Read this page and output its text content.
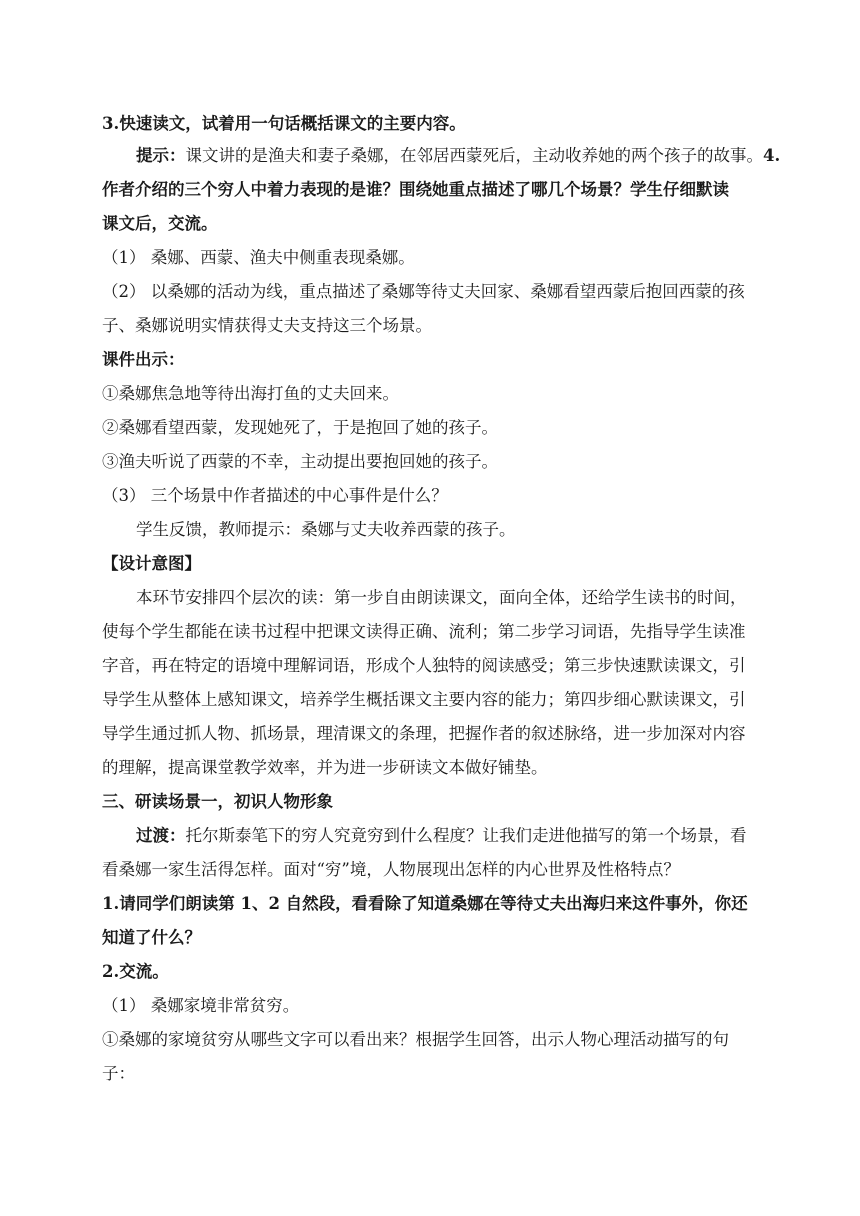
3.快速读文，试着用一句话概括课文的主要内容。
提示：课文讲的是渔夫和妻子桑娜，在邻居西蒙死后，主动收养她的两个孩子的故事。4.
作者介绍的三个穷人中着力表现的是谁？围绕她重点描述了哪几个场景？学生仔细默读
课文后，交流。
（1） 桑娜、西蒙、渔夫中侧重表现桑娜。
（2） 以桑娜的活动为线，重点描述了桑娜等待丈夫回家、桑娜看望西蒙后抱回西蒙的孩
子、桑娜说明实情获得丈夫支持这三个场景。
课件出示：
①桑娜焦急地等待出海打鱼的丈夫回来。
②桑娜看望西蒙，发现她死了，于是抱回了她的孩子。
③渔夫听说了西蒙的不幸，主动提出要抱回她的孩子。
（3） 三个场景中作者描述的中心事件是什么？
学生反馈，教师提示：桑娜与丈夫收养西蒙的孩子。
【设计意图】
本环节安排四个层次的读：第一步自由朗读课文，面向全体，还给学生读书的时间，
使每个学生都能在读书过程中把课文读得正确、流利；第二步学习词语，先指导学生读准
字音，再在特定的语境中理解词语，形成个人独特的阅读感受；第三步快速默读课文，引
导学生从整体上感知课文，培养学生概括课文主要内容的能力；第四步细心默读课文，引
导学生通过抓人物、抓场景，理清课文的条理，把握作者的叙述脉络，进一步加深对内容
的理解，提高课堂教学效率，并为进一步研读文本做好铺垫。
三、研读场景一，初识人物形象
过渡：托尔斯泰笔下的穷人究竟穷到什么程度？让我们走进他描写的第一个场景，看
看桑娜一家生活得怎样。面对“穷”境，人物展现出怎样的内心世界及性格特点？
1.请同学们朗读第 1、2 自然段，看看除了知道桑娜在等待丈夫出海归来这件事外，你还
知道了什么？
2.交流。
（1） 桑娜家境非常贫穷。
①桑娜的家境贫穷从哪些文字可以看出来？根据学生回答，出示人物心理活动描写的句
子：
